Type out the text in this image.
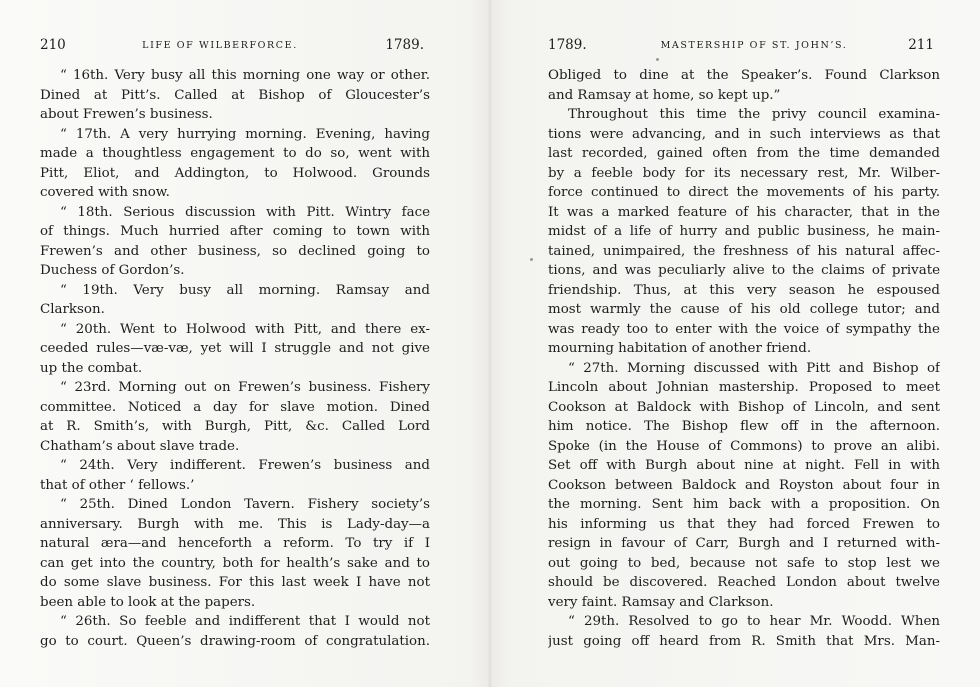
210	LIFE OF WILBERFORCE.	1789.
“ 16th. Very busy all this morning one way or other.
Dined at Pitt’s. Called at Bishop of Gloucester’s
about Frewen’s business.
“ 17th. A very hurrying morning. Evening, having
made a thoughtless engagement to do so, went with
Pitt, Eliot, and Addington, to Holwood. Grounds
covered with snow.
“ 18th. Serious discussion with Pitt. Wintry face
of things. Much hurried after coming to town with
Frewen’s and other business, so declined going to
Duchess of Gordon’s.
“ 19th. Very busy all morning. Ramsay and
Clarkson.
“ 20th. Went to Holwood with Pitt, and there ex-
ceeded rules—væ-væ, yet will I struggle and not give
up the combat.
“ 23rd. Morning out on Frewen’s business. Fishery
committee. Noticed a day for slave motion. Dined
at R. Smith’s, with Burgh, Pitt, &c. Called Lord
Chatham’s about slave trade.
“ 24th. Very indifferent. Frewen’s business and
that of other ‘ fellows.’
“ 25th. Dined London Tavern. Fishery society’s
anniversary. Burgh with me. This is Lady-day—a
natural æra—and henceforth a reform. To try if I
can get into the country, both for health’s sake and to
do some slave business. For this last week I have not
been able to look at the papers.
“ 26th. So feeble and indifferent that I would not
go to court. Queen’s drawing-room of congratulation.
1789.	MASTERSHIP OF ST. JOHN’S.	211
Obliged to dine at the Speaker’s. Found Clarkson
and Ramsay at home, so kept up.”
Throughout this time the privy council examina-
tions were advancing, and in such interviews as that
last recorded, gained often from the time demanded
by a feeble body for its necessary rest, Mr. Wilber-
force continued to direct the movements of his party.
It was a marked feature of his character, that in the
midst of a life of hurry and public business, he main-
tained, unimpaired, the freshness of his natural affec-
tions, and was peculiarly alive to the claims of private
friendship. Thus, at this very season he espoused
most warmly the cause of his old college tutor; and
was ready too to enter with the voice of sympathy the
mourning habitation of another friend.
“ 27th. Morning discussed with Pitt and Bishop of
Lincoln about Johnian mastership. Proposed to meet
Cookson at Baldock with Bishop of Lincoln, and sent
him notice. The Bishop flew off in the afternoon.
Spoke (in the House of Commons) to prove an alibi.
Set off with Burgh about nine at night. Fell in with
Cookson between Baldock and Royston about four in
the morning. Sent him back with a proposition. On
his informing us that they had forced Frewen to
resign in favour of Carr, Burgh and I returned with-
out going to bed, because not safe to stop lest we
should be discovered. Reached London about twelve
very faint. Ramsay and Clarkson.
“ 29th. Resolved to go to hear Mr. Woodd. When
just going off heard from R. Smith that Mrs. Man-
